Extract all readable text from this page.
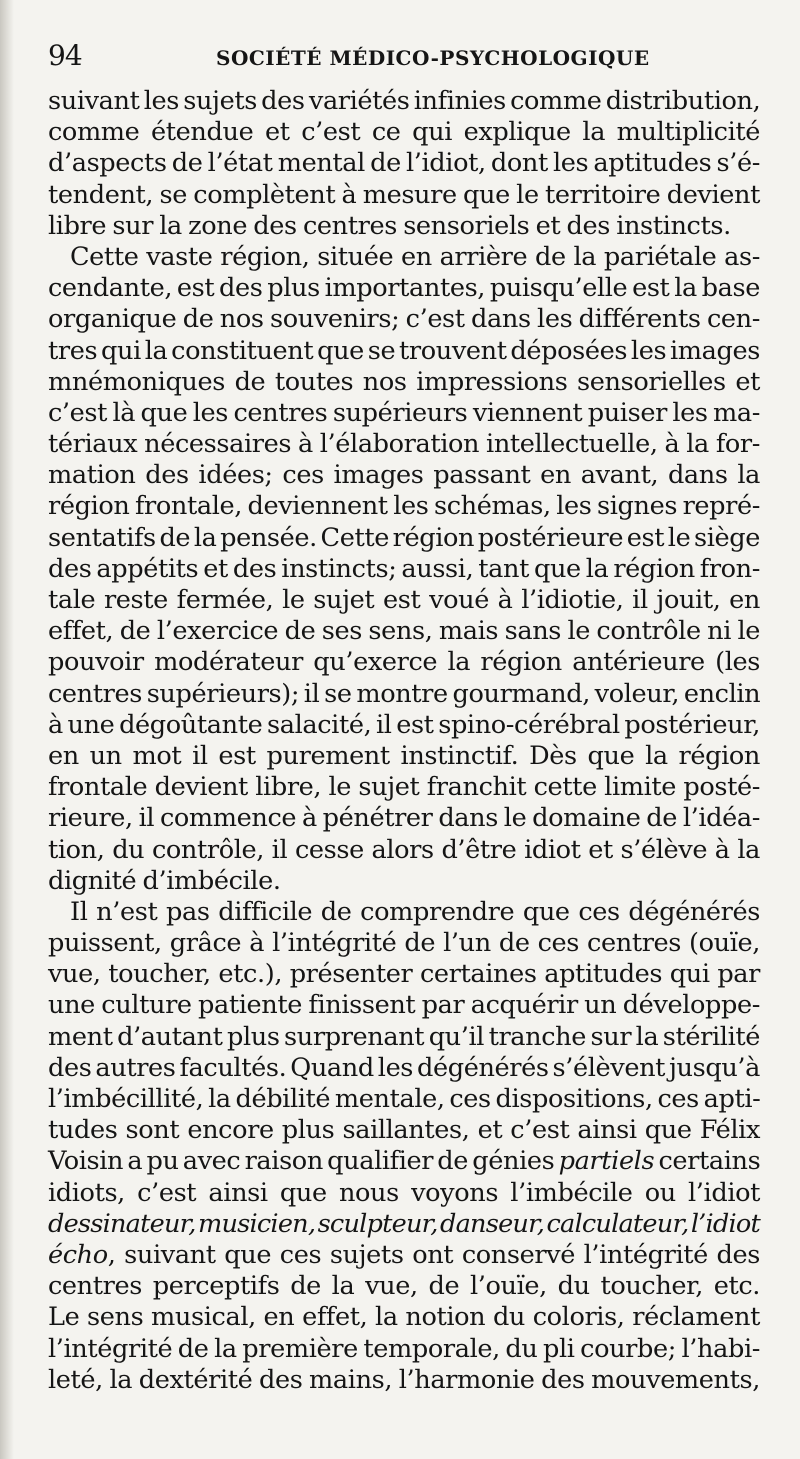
94	SOCIÉTÉ MÉDICO-PSYCHOLOGIQUE
suivant les sujets des variétés infinies comme distribution,
comme étendue et c’est ce qui explique la multiplicité
d’aspects de l’état mental de l’idiot, dont les aptitudes s’é-
tendent, se complètent à mesure que le territoire devient
libre sur la zone des centres sensoriels et des instincts.
Cette vaste région, située en arrière de la pariétale as-
cendante, est des plus importantes, puisqu’elle est la base
organique de nos souvenirs; c’est dans les différents cen-
tres qui la constituent que se trouvent déposées les images
mnémoniques de toutes nos impressions sensorielles et
c’est là que les centres supérieurs viennent puiser les ma-
tériaux nécessaires à l’élaboration intellectuelle, à la for-
mation des idées; ces images passant en avant, dans la
région frontale, deviennent les schémas, les signes repré-
sentatifs de la pensée. Cette région postérieure est le siège
des appétits et des instincts; aussi, tant que la région fron-
tale reste fermée, le sujet est voué à l’idiotie, il jouit, en
effet, de l’exercice de ses sens, mais sans le contrôle ni le
pouvoir modérateur qu’exerce la région antérieure (les
centres supérieurs); il se montre gourmand, voleur, enclin
à une dégoûtante salacité, il est spino-cérébral postérieur,
en un mot il est purement instinctif. Dès que la région
frontale devient libre, le sujet franchit cette limite posté-
rieure, il commence à pénétrer dans le domaine de l’idéa-
tion, du contrôle, il cesse alors d’être idiot et s’élève à la
dignité d’imbécile.
Il n’est pas difficile de comprendre que ces dégénérés
puissent, grâce à l’intégrité de l’un de ces centres (ouïe,
vue, toucher, etc.), présenter certaines aptitudes qui par
une culture patiente finissent par acquérir un développe-
ment d’autant plus surprenant qu’il tranche sur la stérilité
des autres facultés. Quand les dégénérés s’élèvent jusqu’à
l’imbécillité, la débilité mentale, ces dispositions, ces apti-
tudes sont encore plus saillantes, et c’est ainsi que Félix
Voisin a pu avec raison qualifier de génies partiels certains
idiots, c’est ainsi que nous voyons l’imbécile ou l’idiot
dessinateur, musicien, sculpteur, danseur, calculateur, l’idiot
écho, suivant que ces sujets ont conservé l’intégrité des
centres perceptifs de la vue, de l’ouïe, du toucher, etc.
Le sens musical, en effet, la notion du coloris, réclament
l’intégrité de la première temporale, du pli courbe; l’habi-
leté, la dextérité des mains, l’harmonie des mouvements,
